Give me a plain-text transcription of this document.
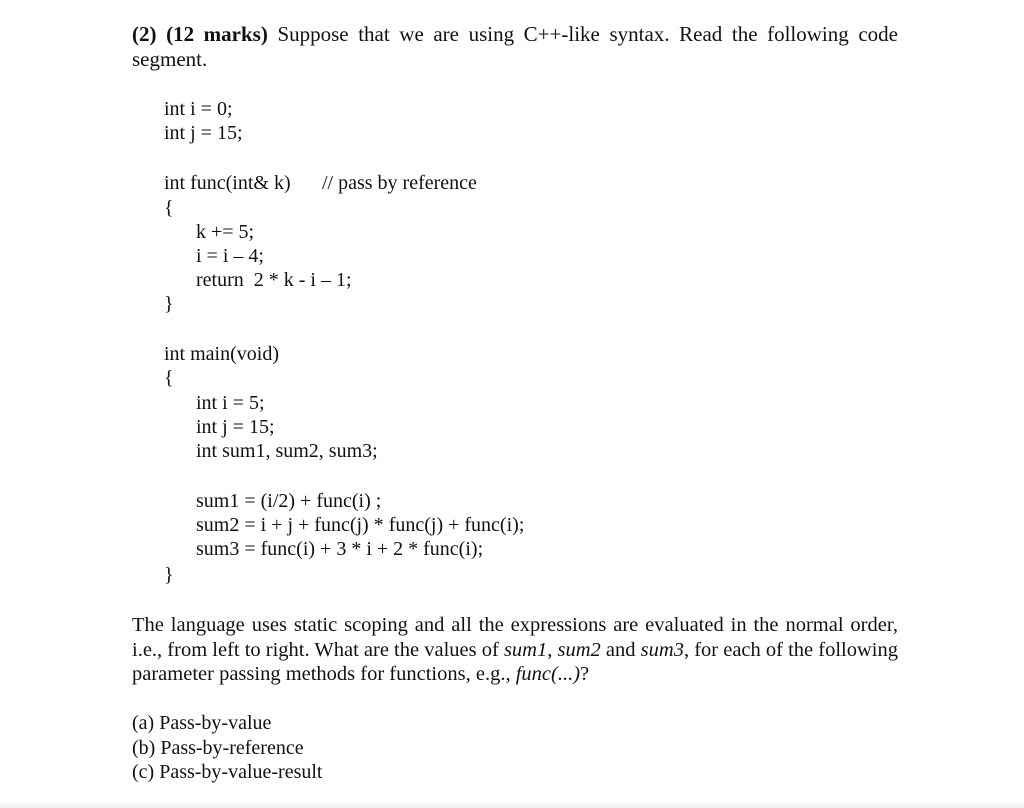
(2) (12 marks) Suppose that we are using C++-like syntax. Read the following code segment.
int i = 0;
int j = 15;
int func(int& k) // pass by reference
{
k += 5;
i = i – 4;
return  2 * k - i – 1;
}
int main(void)
{
int i = 5;
int j = 15;
int sum1, sum2, sum3;
sum1 = (i/2) + func(i) ;
sum2 = i + j + func(j) * func(j) + func(i);
sum3 = func(i) + 3 * i + 2 * func(i);
}
The language uses static scoping and all the expressions are evaluated in the normal order, i.e., from left to right. What are the values of sum1, sum2 and sum3, for each of the following parameter passing methods for functions, e.g., func(...)?
(a) Pass-by-value
(b) Pass-by-reference
(c) Pass-by-value-result
